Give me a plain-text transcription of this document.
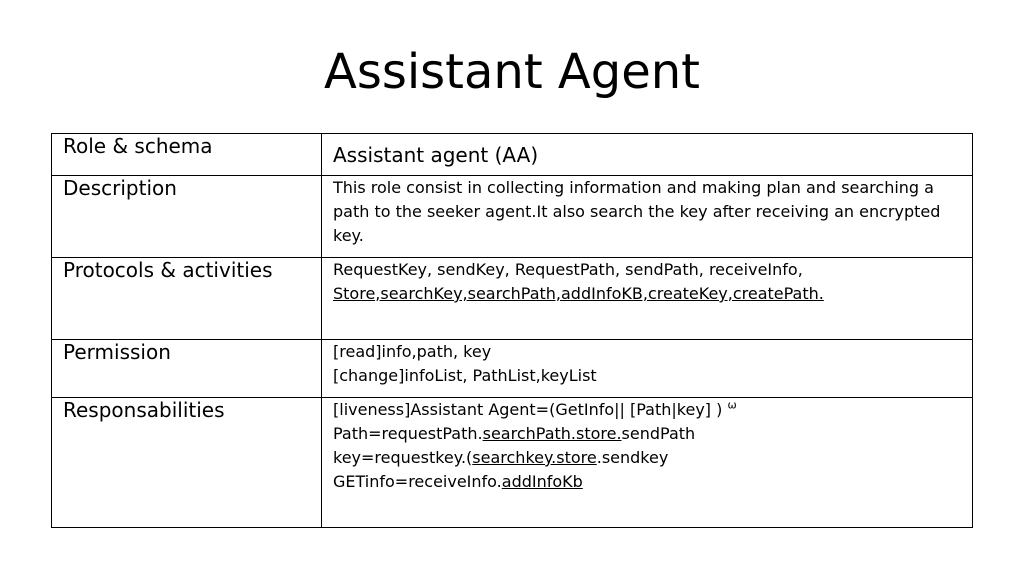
Assistant Agent
Role & schema	Assistant agent (AA)
Description	This role consist in collecting information and making plan and searching a
path to the seeker agent.It also search the key after receiving an encrypted
key.

Protocols & activities	RequestKey, sendKey, RequestPath, sendPath, receiveInfo,
Store,searchKey,searchPath,addInfoKB,createKey,createPath.

Permission	[read]info,path, key
[change]infoList, PathList,keyList

Responsabilities	[liveness]Assistant Agent=(GetInfo|| [Path|key] ) $^\omega$
Path=requestPath.searchPath.store.sendPath
key=requestkey.(searchkey.store.sendkey
GETinfo=receiveInfo.addInfoKb
